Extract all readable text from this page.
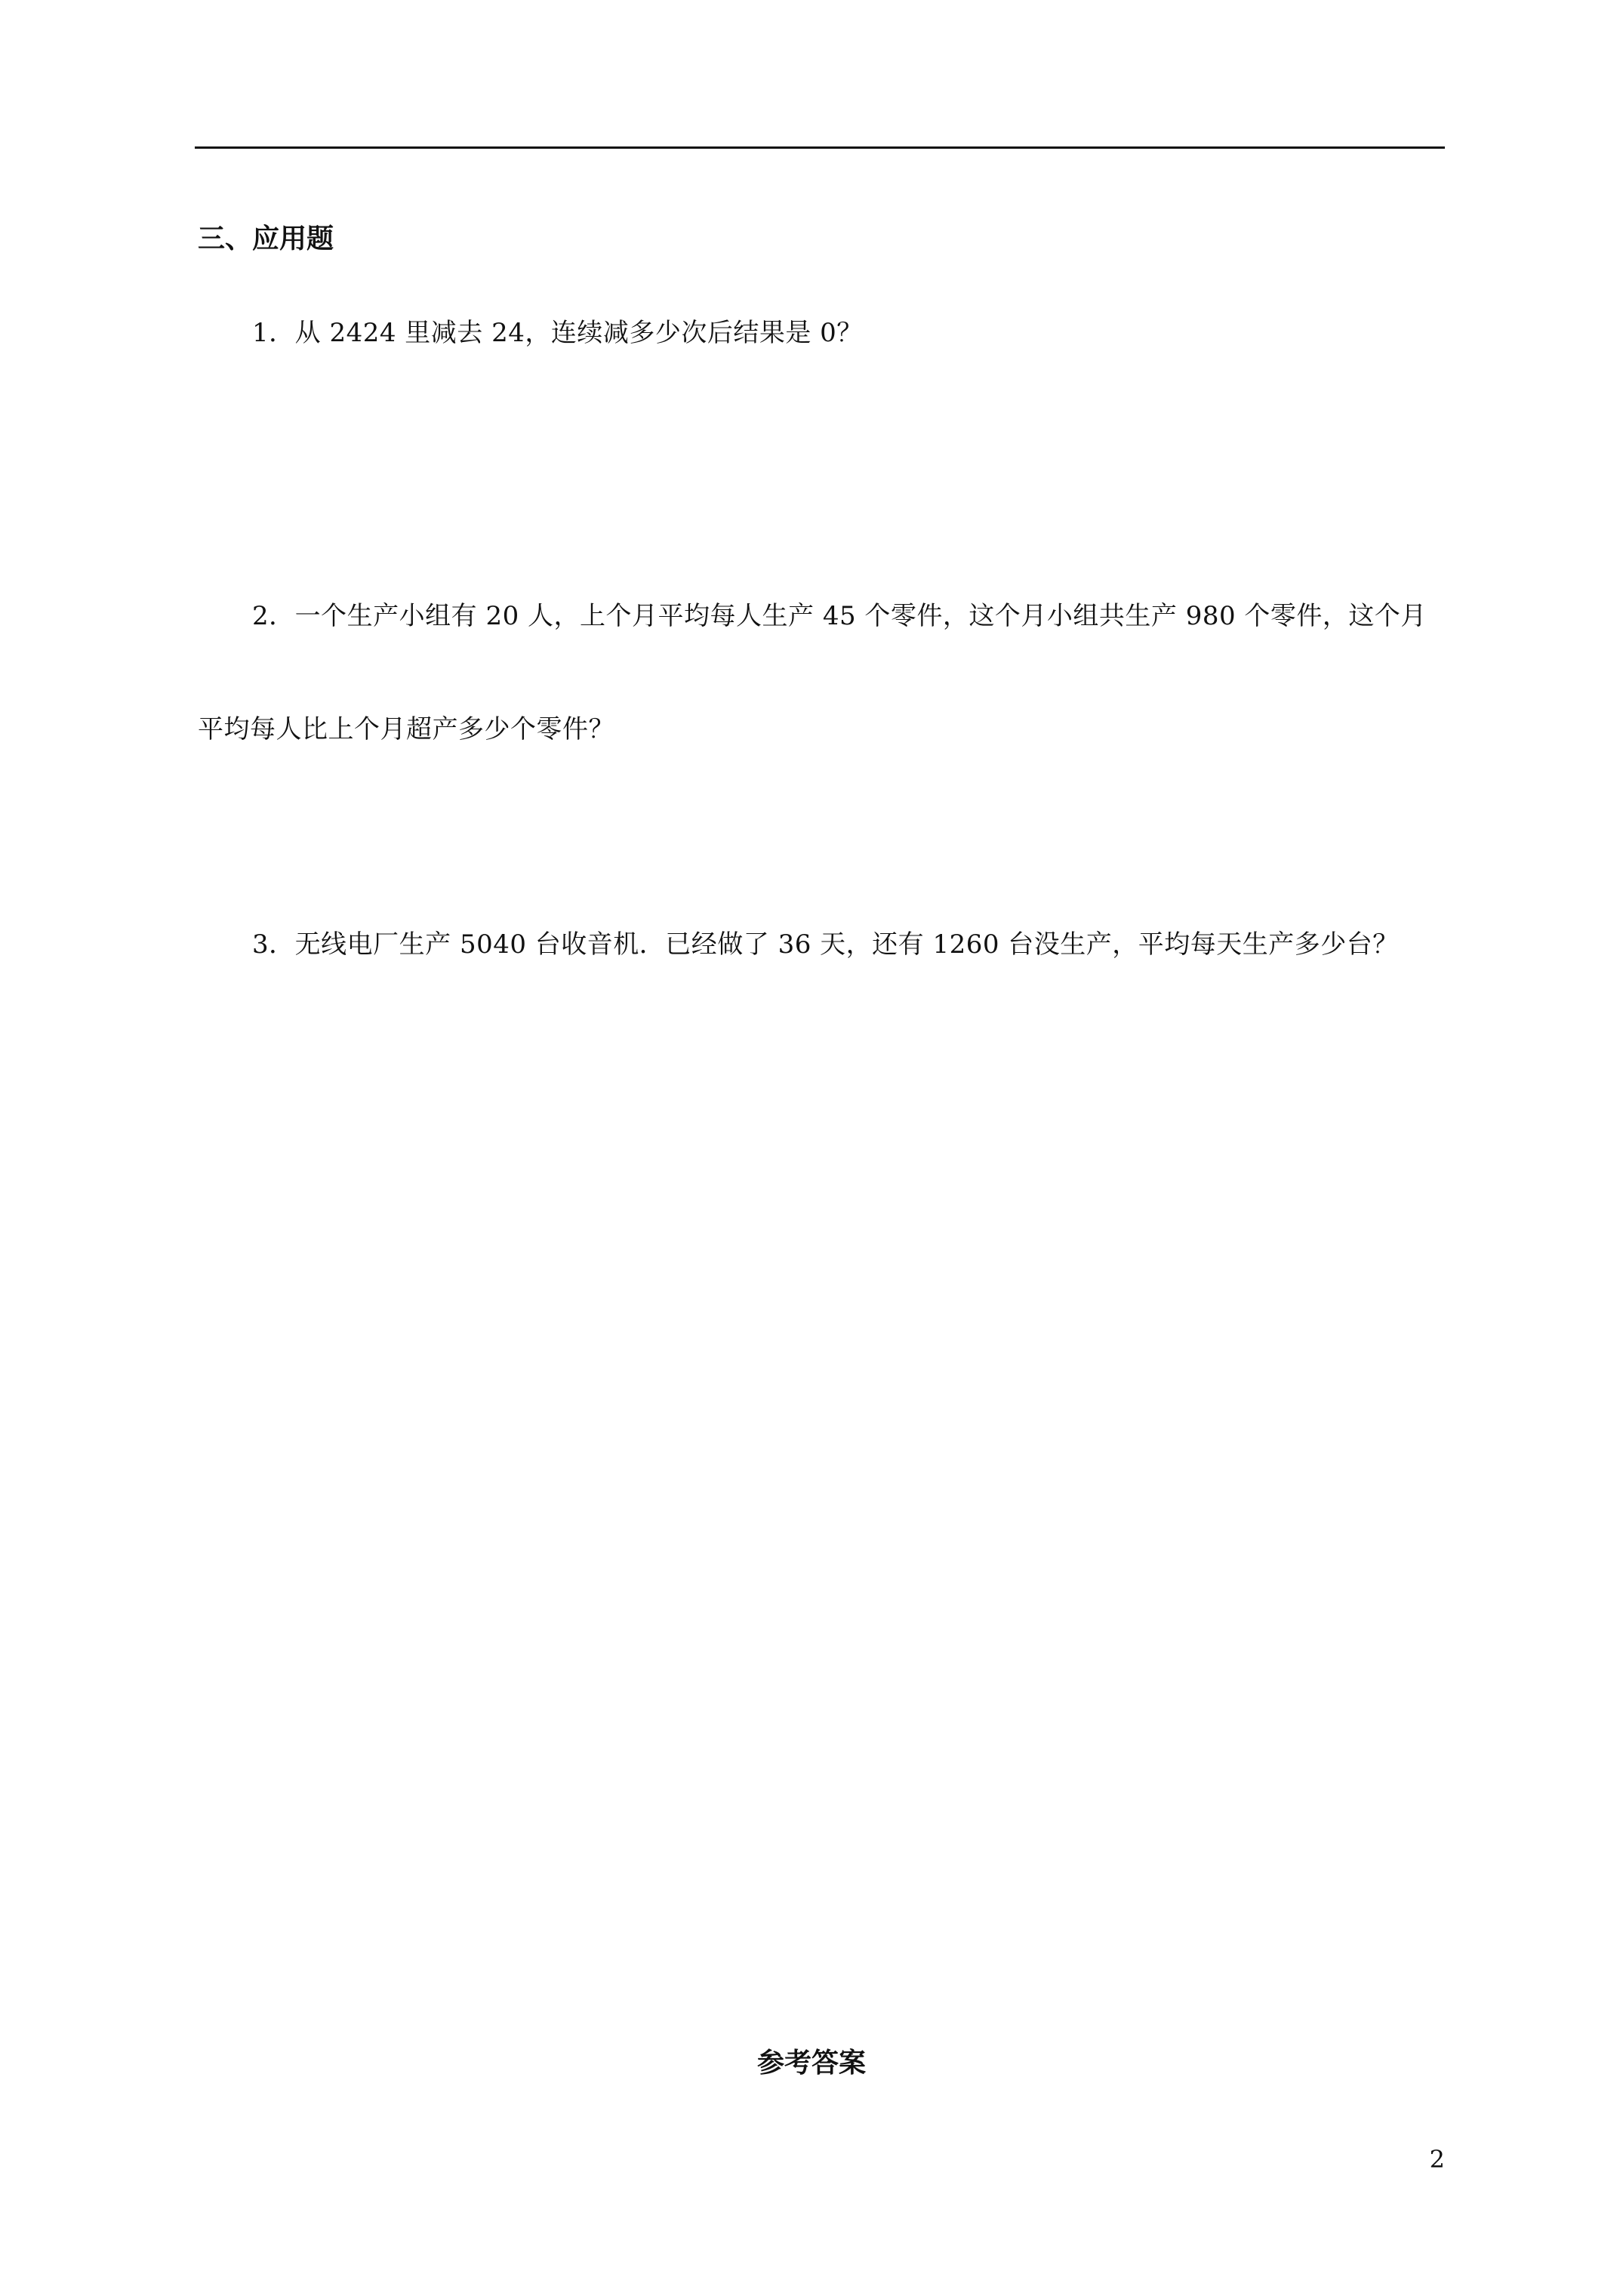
三、应用题
1．从 2424 里减去 24，连续减多少次后结果是 0？
2．一个生产小组有 20 人，上个月平均每人生产 45 个零件，这个月小组共生产 980 个零件，这个月平均每人比上个月超产多少个零件？
3．无线电厂生产 5040 台收音机．已经做了 36 天，还有 1260 台没生产，平均每天生产多少台？
参考答案
2
